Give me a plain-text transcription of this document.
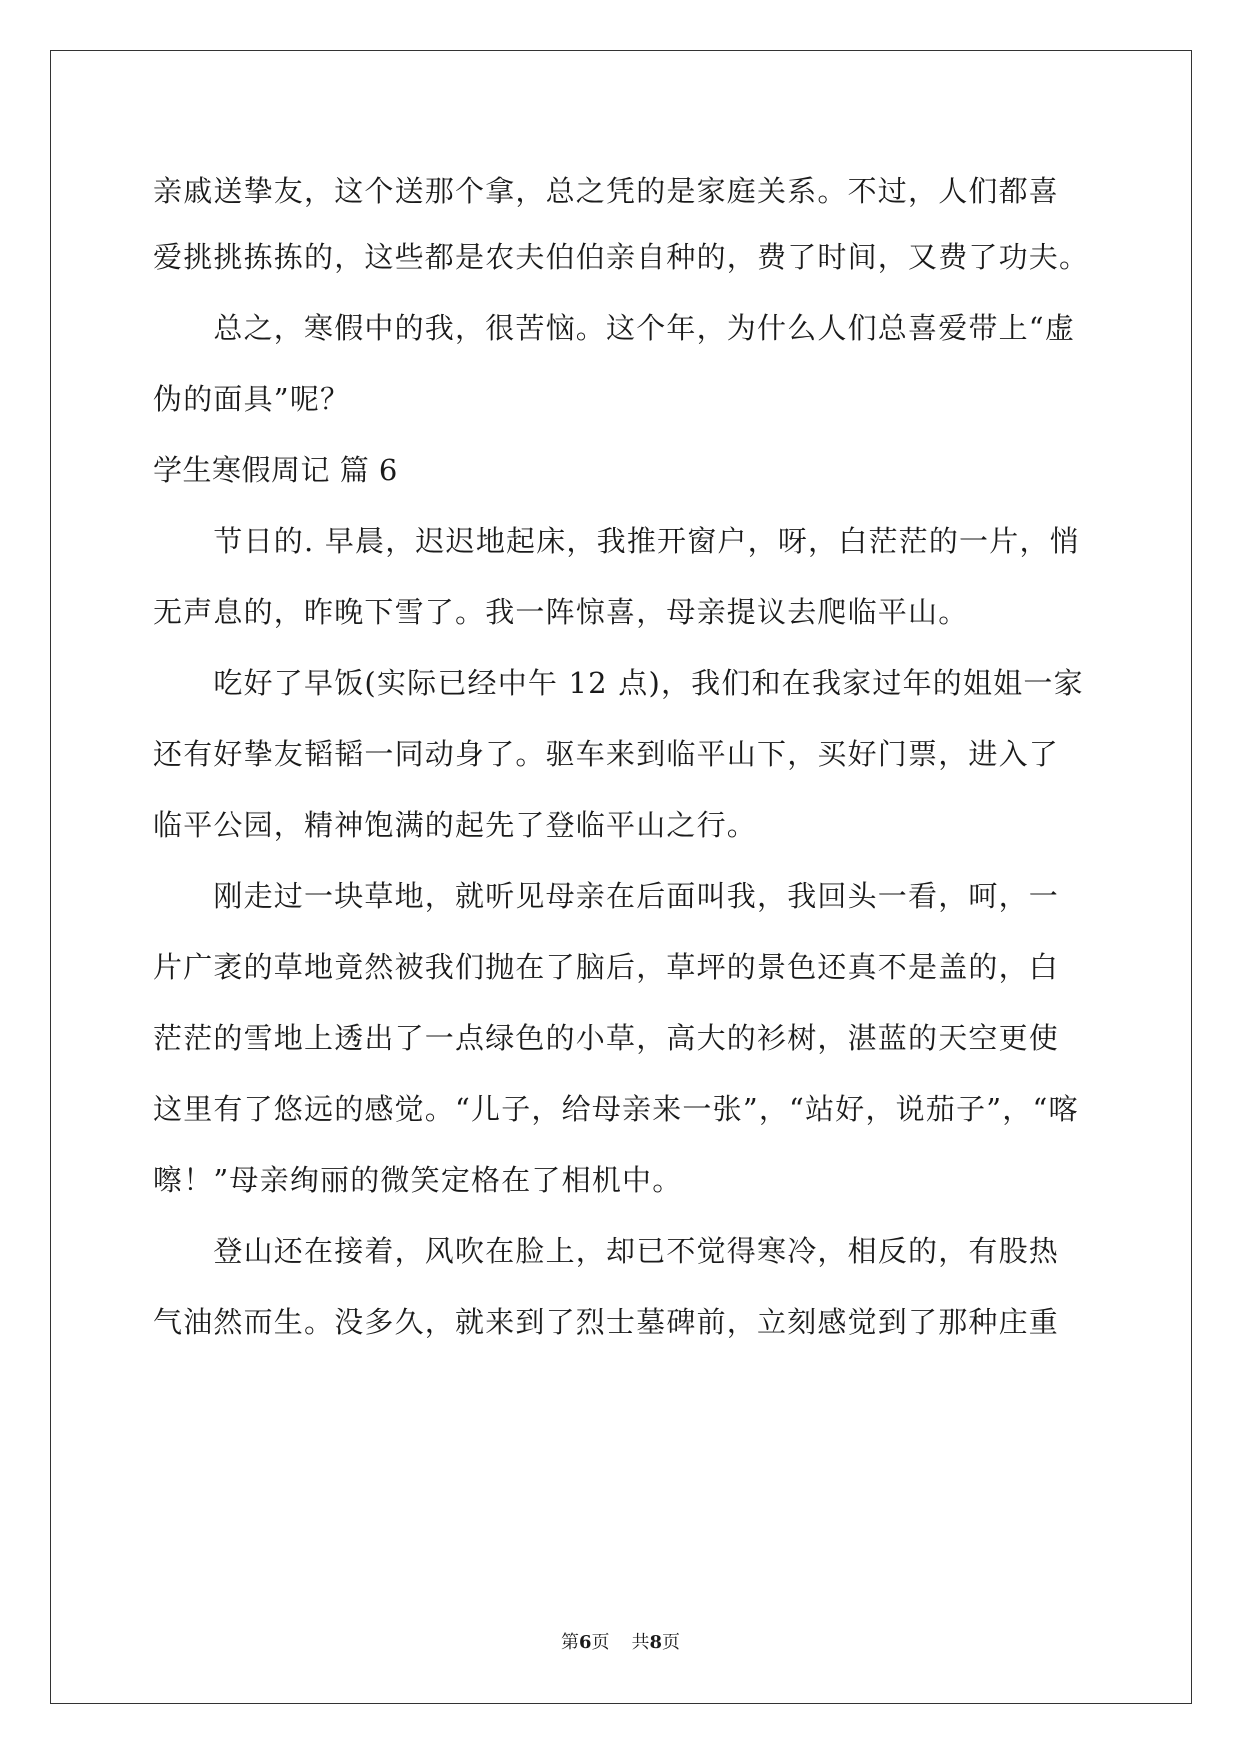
亲戚送挚友，这个送那个拿，总之凭的是家庭关系。不过，人们都喜
爱挑挑拣拣的，这些都是农夫伯伯亲自种的，费了时间，又费了功夫。
　　总之，寒假中的我，很苦恼。这个年，为什么人们总喜爱带上“虚
伪的面具”呢？
学生寒假周记 篇 6
　　节日的. 早晨，迟迟地起床，我推开窗户，呀，白茫茫的一片，悄
无声息的，昨晚下雪了。我一阵惊喜，母亲提议去爬临平山。
　　吃好了早饭(实际已经中午 12 点)，我们和在我家过年的姐姐一家
还有好挚友韬韬一同动身了。驱车来到临平山下，买好门票，进入了
临平公园，精神饱满的起先了登临平山之行。
　　刚走过一块草地，就听见母亲在后面叫我，我回头一看，呵，一
片广袤的草地竟然被我们抛在了脑后，草坪的景色还真不是盖的，白
茫茫的雪地上透出了一点绿色的小草，高大的衫树，湛蓝的天空更使
这里有了悠远的感觉。“儿子，给母亲来一张”，“站好，说茄子”，“喀
嚓！”母亲绚丽的微笑定格在了相机中。
　　登山还在接着，风吹在脸上，却已不觉得寒冷，相反的，有股热
气油然而生。没多久，就来到了烈士墓碑前，立刻感觉到了那种庄重
第6页 共8页
